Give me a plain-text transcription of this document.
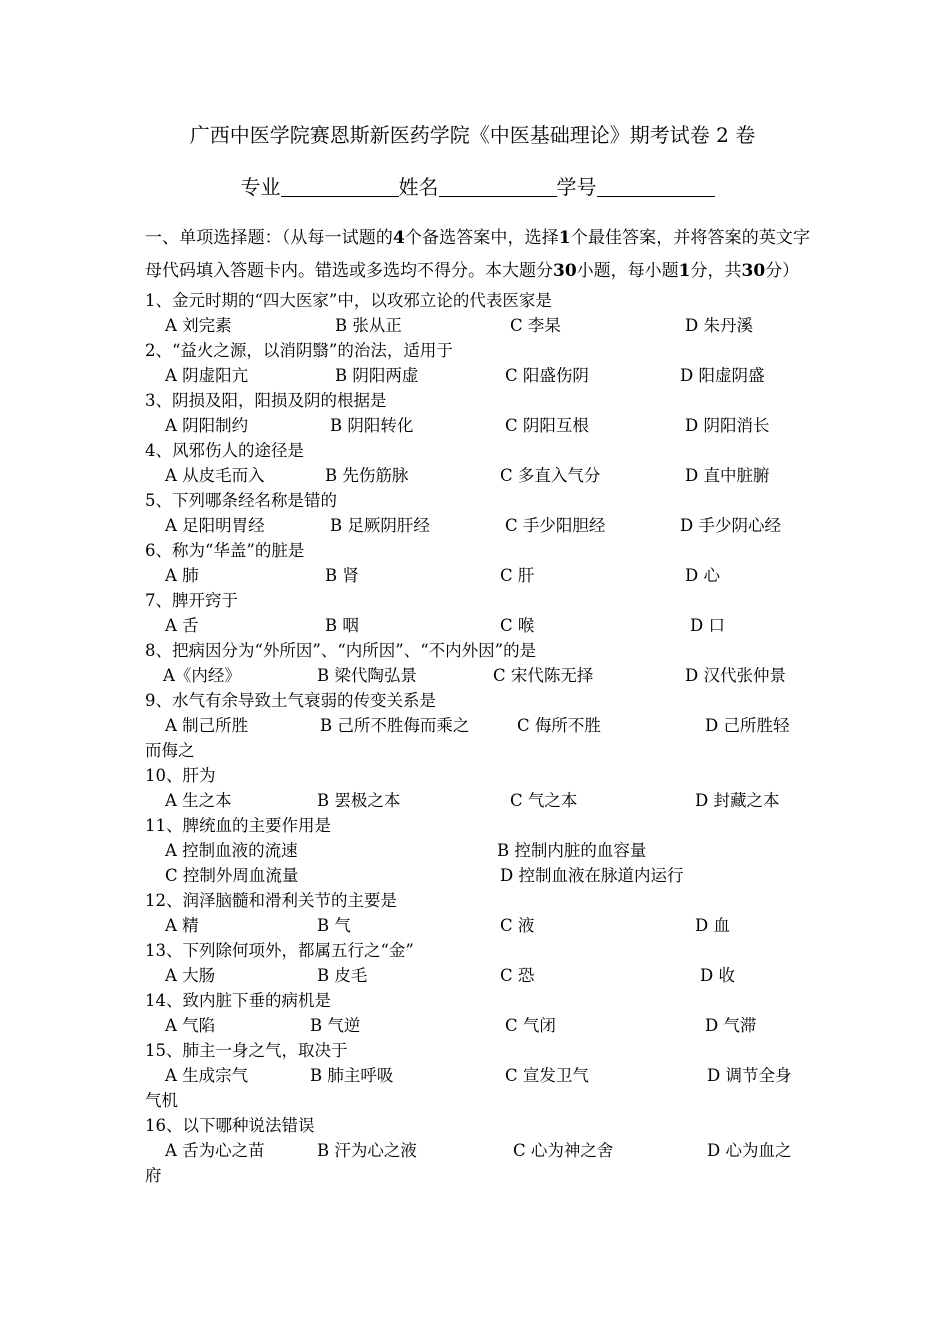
广西中医学院赛恩斯新医药学院《中医基础理论》期考试卷 2 卷
专业	姓名	学号
一、单项选择题：（从每一试题的4个备选答案中，选择1个最佳答案，并将答案的英文字母代码填入答题卡内。错选或多选均不得分。本大题分30小题，每小题1分，共30分）
1、金元时期的“四大医家”中，以攻邪立论的代表医家是
A 刘完素	B 张从正	C 李杲	D 朱丹溪
2、“益火之源，以消阴翳”的治法，适用于
A 阴虚阳亢	B 阴阳两虚	C 阳盛伤阴	D 阳虚阴盛
3、阴损及阳，阳损及阴的根据是
A 阴阳制约	B 阴阳转化	C 阴阳互根	D 阴阳消长
4、风邪伤人的途径是
A 从皮毛而入	B 先伤筋脉	C 多直入气分	D 直中脏腑
5、下列哪条经名称是错的
A 足阳明胃经	B 足厥阴肝经	C 手少阳胆经	D 手少阴心经
6、称为“华盖”的脏是
A 肺	B 肾	C 肝	D 心
7、脾开窍于
A 舌	B 咽	C 喉	D 口
8、把病因分为“外所因”、“内所因”、“不内外因”的是
A《内经》	B 梁代陶弘景	C 宋代陈无择	D 汉代张仲景
9、水气有余导致土气衰弱的传变关系是
A 制己所胜	B 己所不胜侮而乘之	C 侮所不胜	D 己所胜轻
而侮之
10、肝为
A 生之本	B 罢极之本	C 气之本	D 封藏之本
11、脾统血的主要作用是
A 控制血液的流速	B 控制内脏的血容量
C 控制外周血流量	D 控制血液在脉道内运行
12、润泽脑髓和滑利关节的主要是
A 精	B 气	C 液	D 血
13、下列除何项外，都属五行之“金”
A 大肠	B 皮毛	C 恐	D 收
14、致内脏下垂的病机是
A 气陷	B 气逆	C 气闭	D 气滞
15、肺主一身之气，取决于
A 生成宗气	B 肺主呼吸	C 宣发卫气	D 调节全身
气机
16、以下哪种说法错误
A 舌为心之苗	B 汗为心之液	C 心为神之舍	D 心为血之
府
